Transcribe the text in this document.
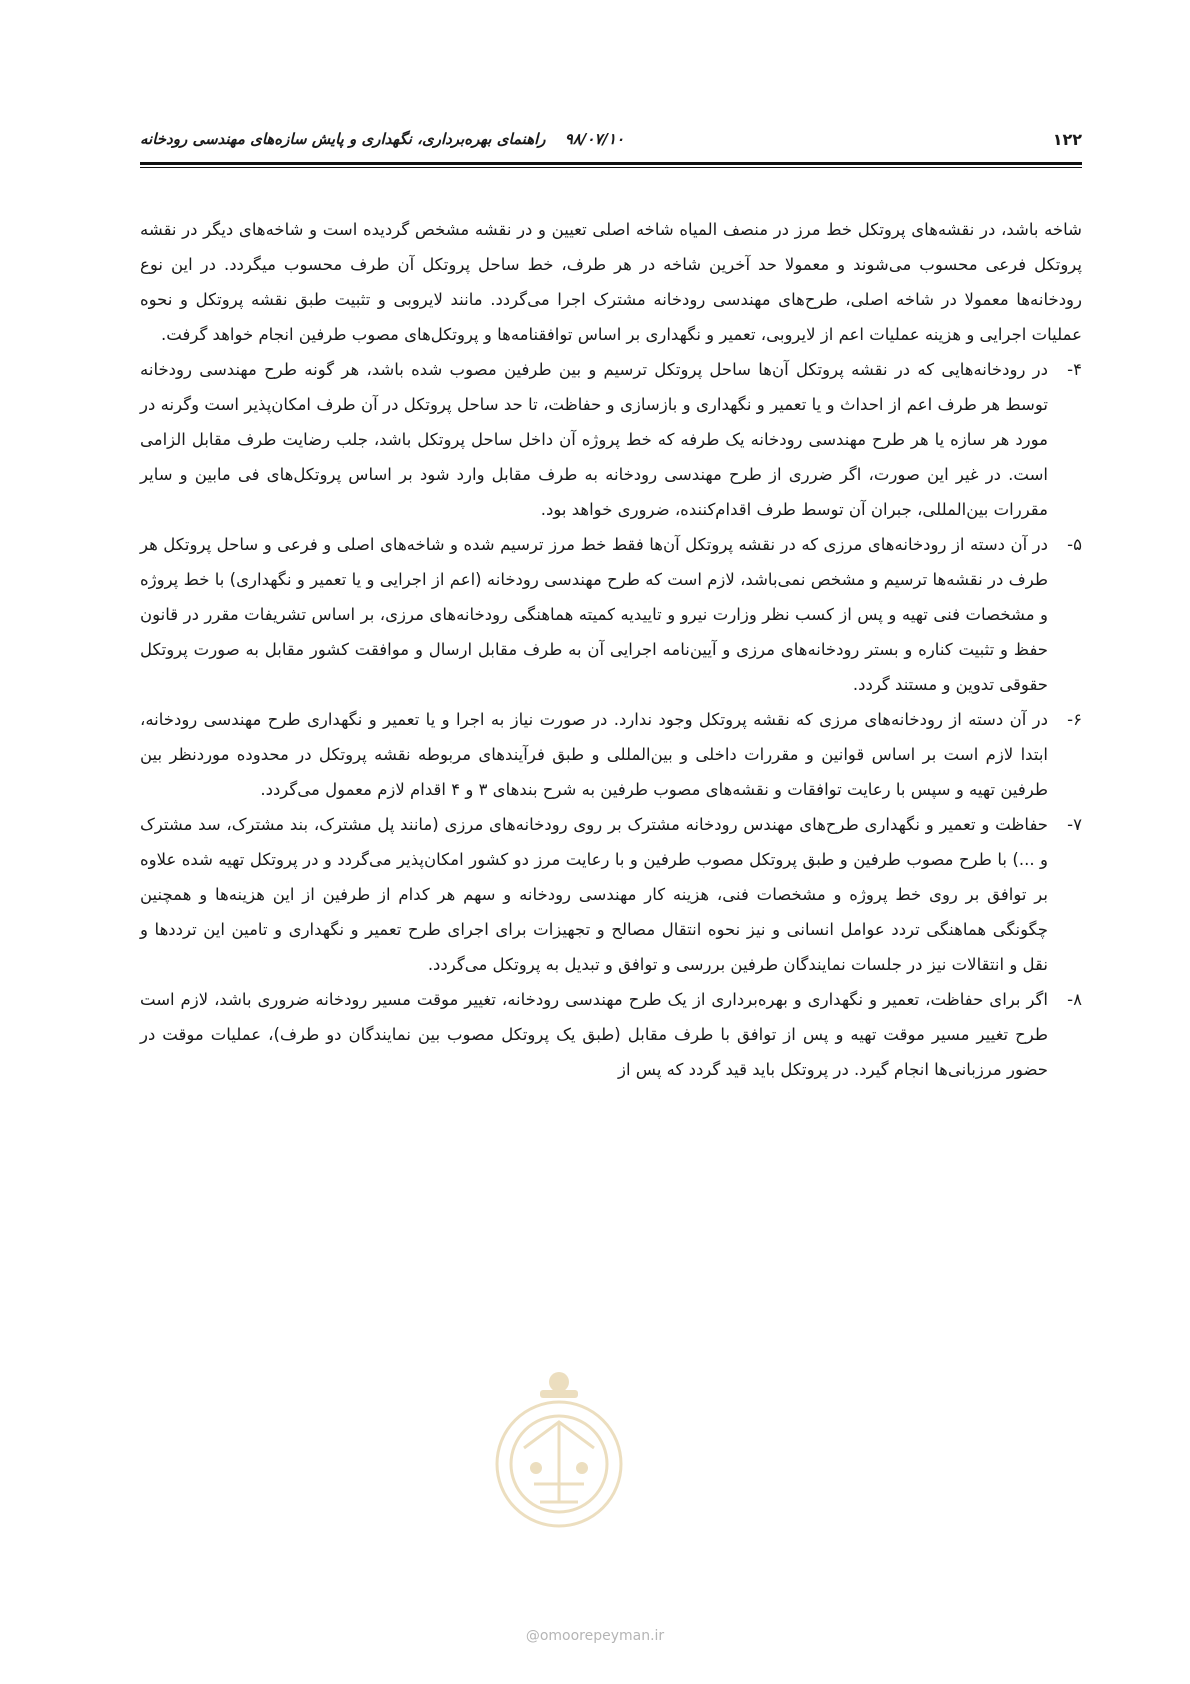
۱۲۲
۹۸/۰۷/۱۰ راهنمای بهره‌برداری، نگهداری و پایش سازه‌های مهندسی رودخانه

شاخه باشد، در نقشه‌های پروتکل خط مرز در منصف المیاه شاخه اصلی تعیین و در نقشه مشخص گردیده است و شاخه‌های دیگر در نقشه پروتکل فرعی محسوب می‌شوند و معمولا حد آخرین شاخه در هر طرف، خط ساحل پروتکل آن طرف محسوب میگردد. در این نوع رودخانه‌ها معمولا در شاخه اصلی، طرح‌های مهندسی رودخانه مشترک اجرا می‌گردد. مانند لایروبی و تثبیت طبق نقشه پروتکل و نحوه عملیات اجرایی و هزینه عملیات اعم از لایروبی، تعمیر و نگهداری بر اساس توافقنامه‌ها و پروتکل‌های مصوب طرفین انجام خواهد گرفت.

۴-
در رودخانه‌هایی که در نقشه پروتکل آن‌ها ساحل پروتکل ترسیم و بین طرفین مصوب شده باشد، هر گونه طرح مهندسی رودخانه توسط هر طرف اعم از احداث و یا تعمیر و نگهداری و بازسازی و حفاظت، تا حد ساحل پروتکل در آن طرف امکان‌پذیر است وگرنه در مورد هر سازه یا هر طرح مهندسی رودخانه یک طرفه که خط پروژه آن داخل ساحل پروتکل باشد، جلب رضایت طرف مقابل الزامی است. در غیر این صورت، اگر ضرری از طرح مهندسی رودخانه به طرف مقابل وارد شود بر اساس پروتکل‌های فی مابین و سایر مقررات بین‌المللی، جبران آن توسط طرف اقدام‌کننده، ضروری خواهد بود.
۵-
در آن دسته از رودخانه‌های مرزی که در نقشه پروتکل آن‌ها فقط خط مرز ترسیم شده و شاخه‌های اصلی و فرعی و ساحل پروتکل هر طرف در نقشه‌ها ترسیم و مشخص نمی‌باشد، لازم است که طرح مهندسی رودخانه (اعم از اجرایی و یا تعمیر و نگهداری) با خط پروژه و مشخصات فنی تهیه و پس از کسب نظر وزارت نیرو و تاییدیه کمیته هماهنگی رودخانه‌های مرزی، بر اساس تشریفات مقرر در قانون حفظ و تثبیت کناره و بستر رودخانه‌های مرزی و آیین‌نامه اجرایی آن به طرف مقابل ارسال و موافقت کشور مقابل به صورت پروتکل حقوقی تدوین و مستند گردد.
۶-
در آن دسته از رودخانه‌های مرزی که نقشه پروتکل وجود ندارد. در صورت نیاز به اجرا و یا تعمیر و نگهداری طرح مهندسی رودخانه، ابتدا لازم است بر اساس قوانین و مقررات داخلی و بین‌المللی و طبق فرآیندهای مربوطه نقشه پروتکل در محدوده موردنظر بین طرفین تهیه و سپس با رعایت توافقات و نقشه‌های مصوب طرفین به شرح بندهای ۳ و ۴ اقدام لازم معمول می‌گردد.
۷-
حفاظت و تعمیر و نگهداری طرح‌های مهندس رودخانه مشترک بر روی رودخانه‌های مرزی (مانند پل مشترک، بند مشترک، سد مشترک و ...) با طرح مصوب طرفین و طبق پروتکل مصوب طرفین و با رعایت مرز دو کشور امکان‌پذیر می‌گردد و در پروتکل تهیه شده علاوه بر توافق بر روی خط پروژه و مشخصات فنی، هزینه کار مهندسی رودخانه و سهم هر کدام از طرفین از این هزینه‌ها و همچنین چگونگی هماهنگی تردد عوامل انسانی و نیز نحوه انتقال مصالح و تجهیزات برای اجرای طرح تعمیر و نگهداری و تامین این ترددها و نقل و انتقالات نیز در جلسات نمایندگان طرفین بررسی و توافق و تبدیل به پروتکل می‌گردد.
۸-
اگر برای حفاظت، تعمیر و نگهداری و بهره‌برداری از یک طرح مهندسی رودخانه، تغییر موقت مسیر رودخانه ضروری باشد، لازم است طرح تغییر مسیر موقت تهیه و پس از توافق با طرف مقابل (طبق یک پروتکل مصوب بین نمایندگان دو طرف)، عملیات موقت در حضور مرزبانی‌ها انجام گیرد. در پروتکل باید قید گردد که پس از
@omoorepeyman.ir
